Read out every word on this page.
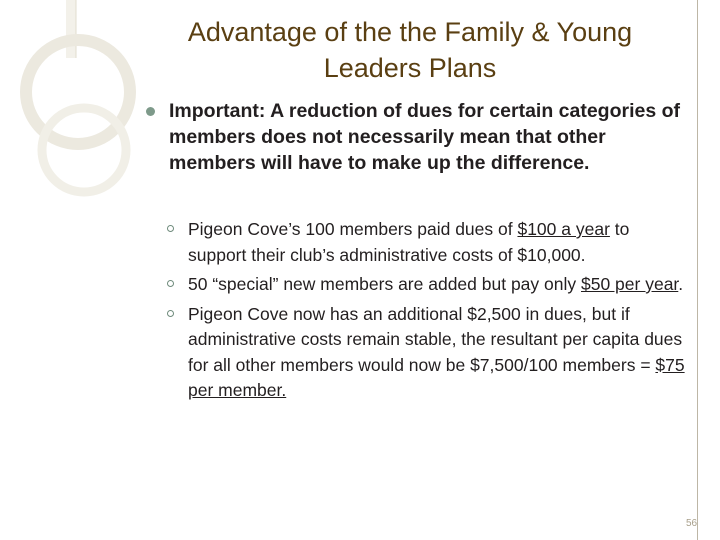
Advantage of the the Family & Young
Leaders Plans
Important: A reduction of dues for certain categories of members does not necessarily mean that other members will have to make up the difference.
Pigeon Cove’s 100 members paid dues of $100 a year to support their club’s administrative costs of $10,000.
50 “special” new members are added but pay only $50 per year.
Pigeon Cove now has an additional $2,500 in dues, but if administrative costs remain stable, the resultant per capita dues for all other members would now be $7,500/100 members = $75 per member.
56
